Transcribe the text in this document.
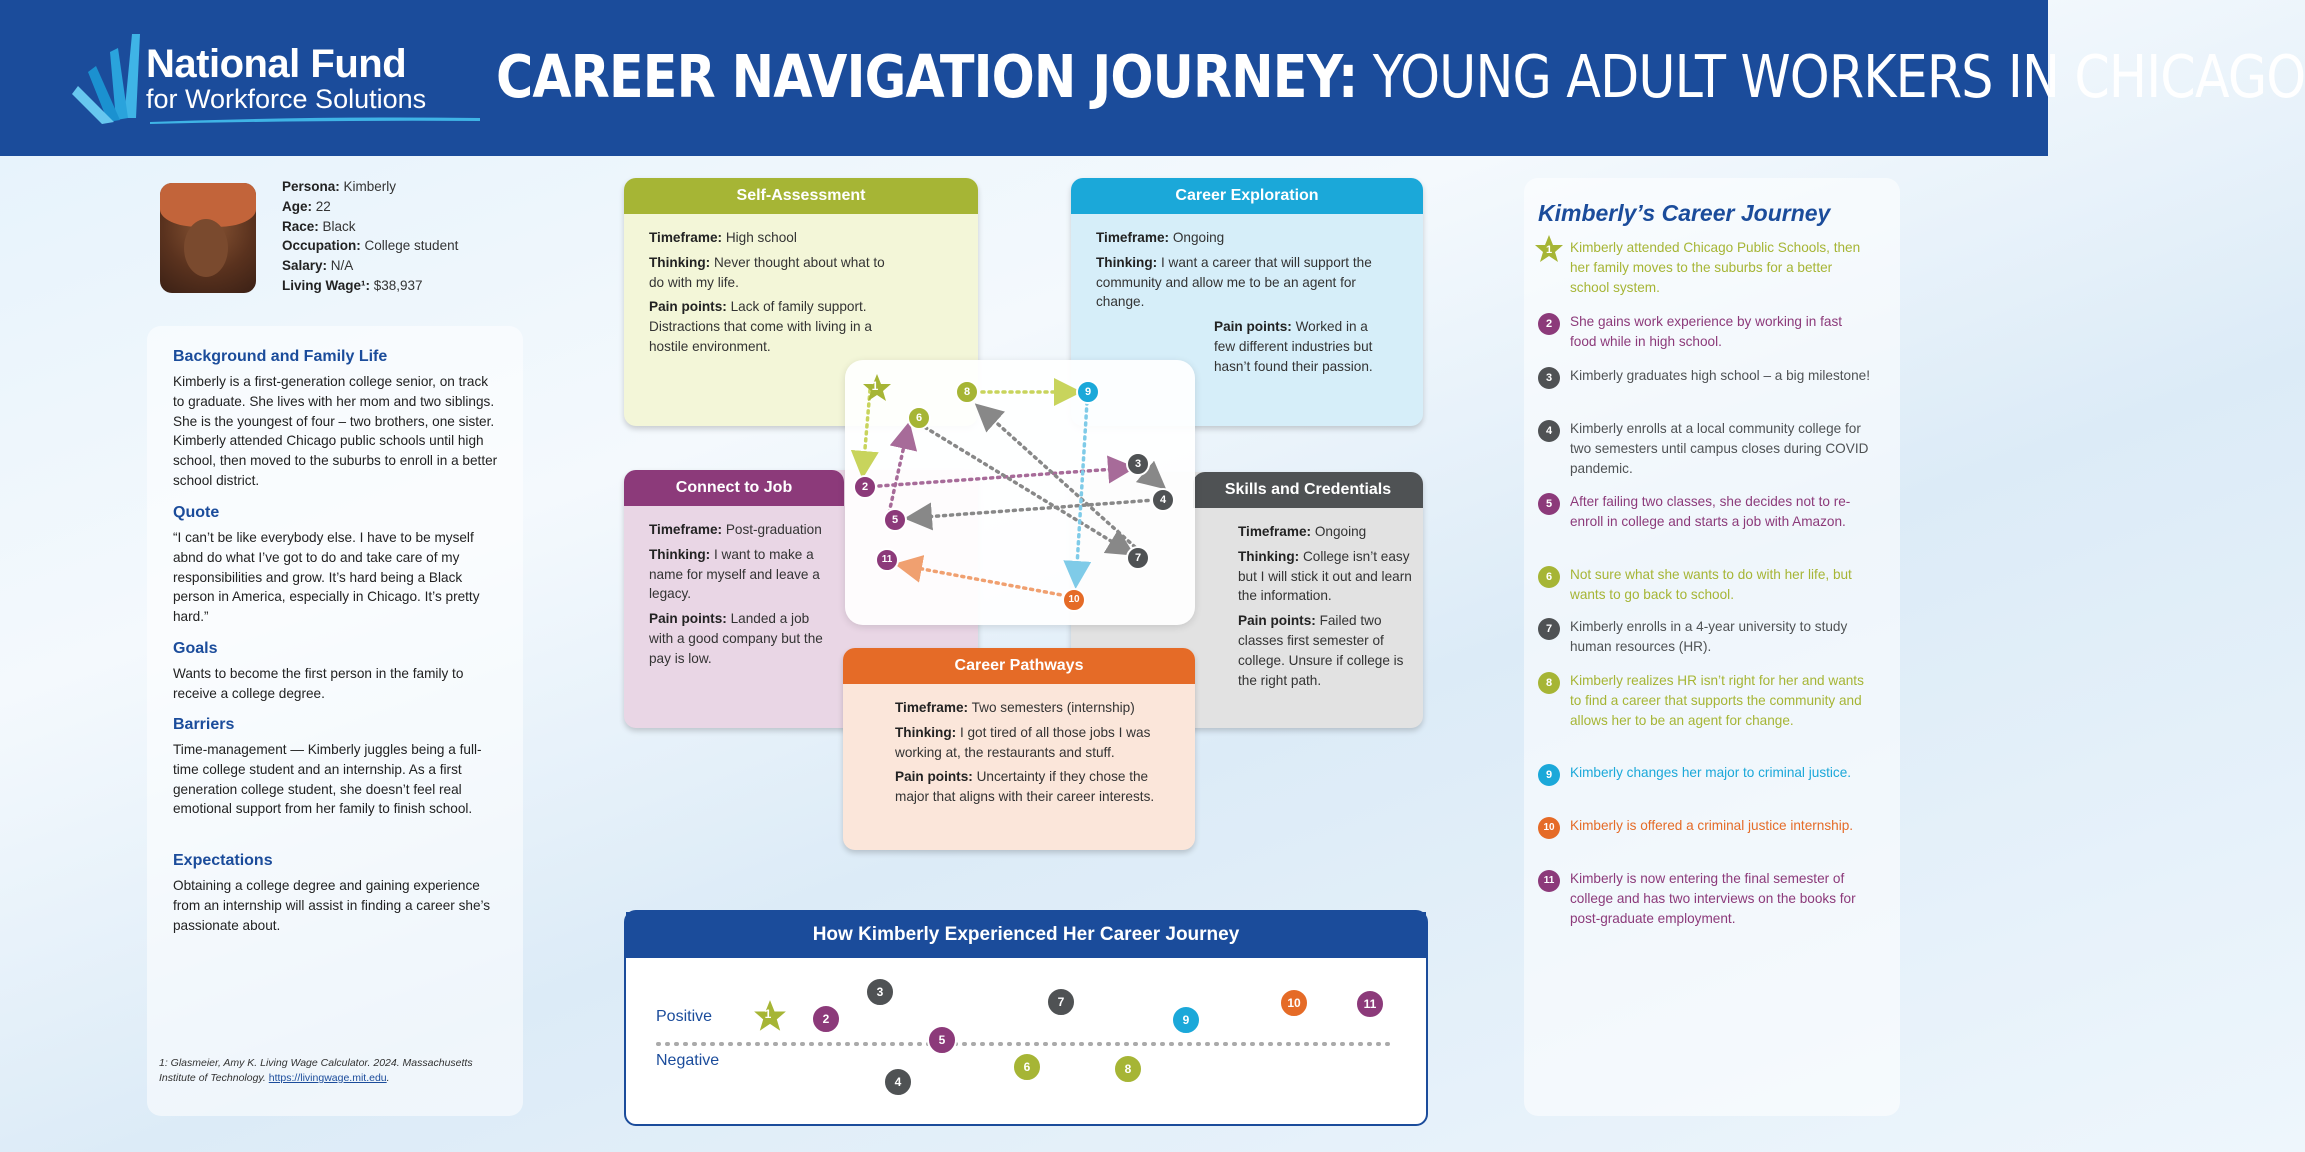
National Fund
for Workforce Solutions CAREER NAVIGATION JOURNEY: YOUNG ADULT WORKERS IN CHICAGO
Persona: Kimberly
Age: 22
Race: Black
Occupation: College student
Salary: N/A
Living Wage¹: $38,937
Background and Family Life
Kimberly is a first-generation college senior, on track to graduate. She lives with her mom and two siblings. She is the youngest of four – two brothers, one sister. Kimberly attended Chicago public schools until high school, then moved to the suburbs to enroll in a better school district.
Quote
“I can’t be like everybody else. I have to be myself abnd do what I’ve got to do and take care of my responsibilities and grow. It’s hard being a Black person in America, especially in Chicago. It’s pretty hard.”
Goals
Wants to become the first person in the family to receive a college degree.
Barriers
Time-management — Kimberly juggles being a full-time college student and an internship. As a first generation college student, she doesn’t feel real emotional support from her family to finish school.
Expectations
Obtaining a college degree and gaining experience from an internship will assist in finding a career she’s passionate about.
1: Glasmeier, Amy K. Living Wage Calculator. 2024. Massachusetts Institute of Technology. https://livingwage.mit.edu.
Self-Assessment

Timeframe: High school

Thinking: Never thought about what to do with my life.

Pain points: Lack of family support. Distractions that come with living in a hostile environment.

Career Exploration

Timeframe: Ongoing

Thinking: I want a career that will support the community and allow me to be an agent for change.

Pain points: Worked in a few different industries but hasn’t found their passion.

Connect to Job

Timeframe: Post-graduation

Thinking: I want to make a name for myself and leave a legacy.

Pain points: Landed a job with a good company but the pay is low.

Skills and Credentials

Timeframe: Ongoing

Thinking: College isn’t easy but I will stick it out and learn the information.

Pain points: Failed two classes first semester of college. Unsure if college is the right path.

1
2
3
4
5
6
7
8	9
10
11
Career Pathways

Timeframe: Two semesters (internship)

Thinking: I got tired of all those jobs I was working at, the restaurants and stuff.

Pain points: Uncertainty if they chose the major that aligns with their career interests.

How Kimberly Experienced Her Career Journey
Positive
Negative
1	2
3
4
5
6
7
8
9
10	11
Kimberly’s Career Journey
1	Kimberly attended Chicago Public Schools, then her family moves to the suburbs for a better school system.
2	She gains work experience by working in fast food while in high school.
3	Kimberly graduates high school – a big milestone!
4	Kimberly enrolls at a local community college for two semesters until campus closes during COVID pandemic.
5	After failing two classes, she decides not to re-enroll in college and starts a job with Amazon.
6	Not sure what she wants to do with her life, but wants to go back to school.
7	Kimberly enrolls in a 4-year university to study human resources (HR).
8	Kimberly realizes HR isn’t right for her and wants to find a career that supports the community and allows her to be an agent for change.
9	Kimberly changes her major to criminal justice.
10	Kimberly is offered a criminal justice internship.
11	Kimberly is now entering the final semester of college and has two interviews on the books for post-graduate employment.
